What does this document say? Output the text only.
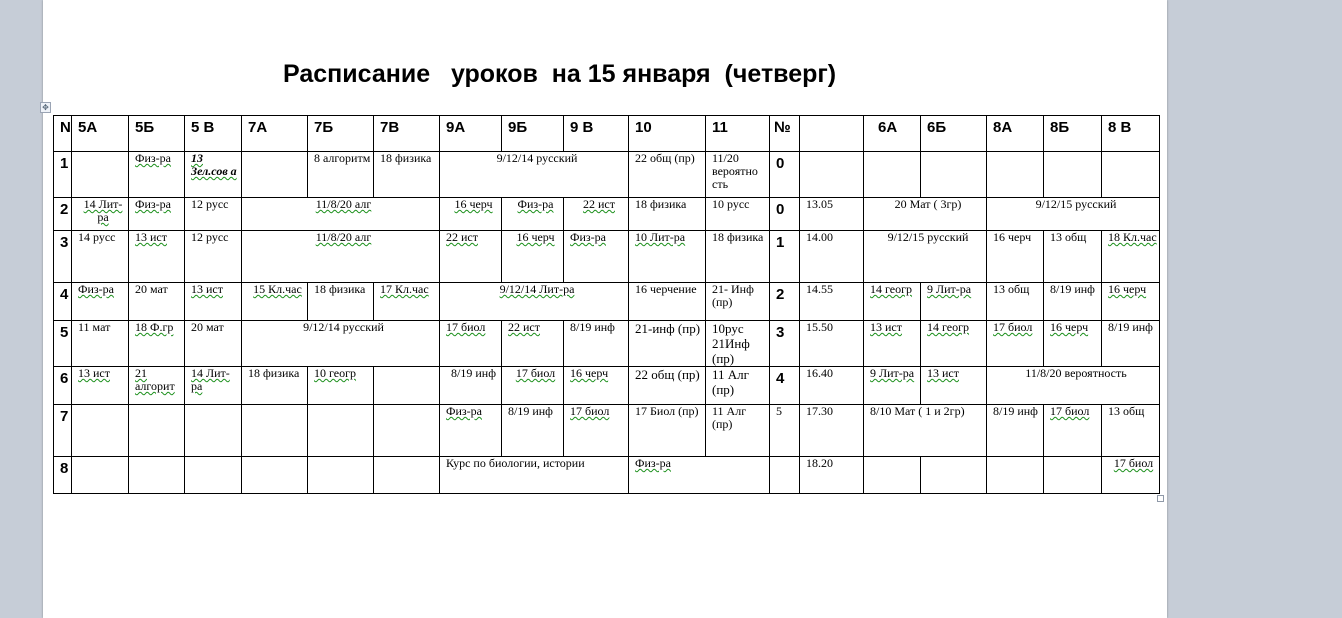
Расписание   уроков  на 15 января  (четверг)
✥
N	5А	5Б	5 В	7А	7Б	7В	9А	9Б	9 В	10	11	№		6А	6Б	8А	8Б	8 В
1		Физ-ра	13 Зел.сов а		8 алгоритм	18 физика	9/12/14 русский			22 общ (пр)	11/20 вероятно сть	0						
2	14 Лит-ра	Физ-ра	12 русс	11/8/20 алг			16 черч	Физ-ра	22 ист	18 физика	10 русс	0	13.05	20 Мат ( 3гр)		9/12/15 русский		
3	14 русс	13 ист	12 русс	11/8/20 алг			22 ист	16 черч	Физ-ра	10 Лит-ра	18 физика	1	14.00	9/12/15 русский		16 черч	13 общ	18 Кл.час
4	Физ-ра	20 мат	13 ист	15 Кл.час	18 физика	17 Кл.час	9/12/14 Лит-ра			16 черчение	21- Инф (пр)	2	14.55	14 геогр	9 Лит-ра	13 общ	8/19 инф	16 черч
5	11 мат	18 Ф.гр	20 мат	9/12/14 русский			17 биол	22 ист	8/19 инф	21-инф (пр)	10рус 21Инф (пр)	3	15.50	13 ист	14 геогр	17 биол	16 черч	8/19 инф
6	13 ист	21 алгорит	14 Лит-ра	18 физика	10 геогр		8/19 инф	17 биол	16 черч	22 общ (пр)	11 Алг (пр)	4	16.40	9 Лит-ра	13 ист	11/8/20 вероятность		
7							Физ-ра	8/19 инф	17 биол	17 Биол (пр)	11 Алг (пр)	5	17.30	8/10 Мат ( 1 и 2гр)		8/19 инф	17 биол	13 общ
8							Курс по биологии, истории			Физ-ра			18.20					17 биол
